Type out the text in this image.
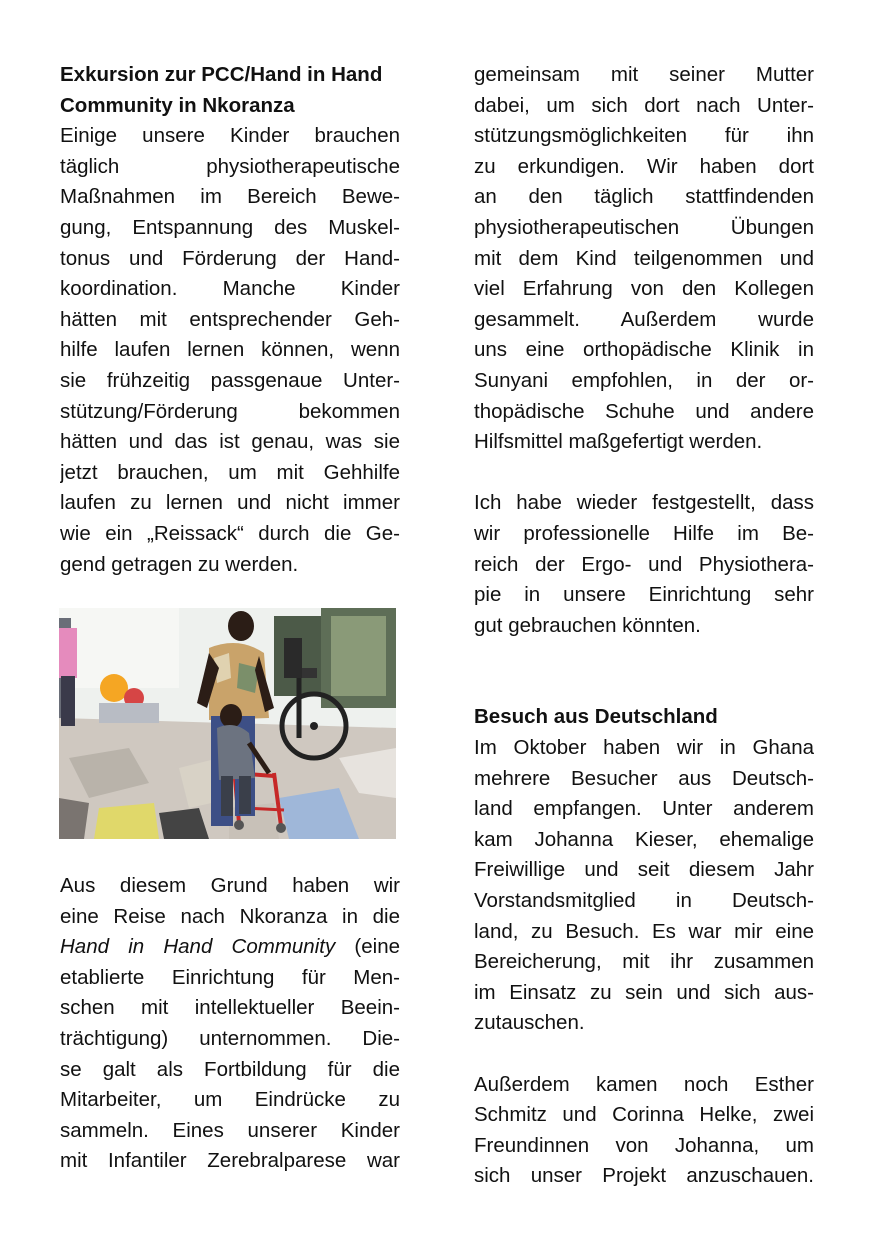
Exkursion zur PCC/Hand in Hand
Community in Nkoranza
Einige unsere Kinder brauchen
täglich physiotherapeutische
Maßnahmen im Bereich Bewe-
gung, Entspannung des Muskel-
tonus und Förderung der Hand-
koordination. Manche Kinder
hätten mit entsprechender Geh-
hilfe laufen lernen können, wenn
sie frühzeitig passgenaue Unter-
stützung/Förderung bekommen
hätten und das ist genau, was sie
jetzt brauchen, um mit Gehhilfe
laufen zu lernen und nicht immer
wie ein „Reissack“ durch die Ge-
gend getragen zu werden.
Aus diesem Grund haben wir
eine Reise nach Nkoranza in die
Hand in Hand Community (eine
etablierte Einrichtung für Men-
schen mit intellektueller Beein-
trächtigung) unternommen. Die-
se galt als Fortbildung für die
Mitarbeiter, um Eindrücke zu
sammeln. Eines unserer Kinder
mit Infantiler Zerebralparese war
gemeinsam mit seiner Mutter
dabei, um sich dort nach Unter-
stützungsmöglichkeiten für ihn
zu erkundigen. Wir haben dort
an den täglich stattfindenden
physiotherapeutischen Übungen
mit dem Kind teilgenommen und
viel Erfahrung von den Kollegen
gesammelt. Außerdem wurde
uns eine orthopädische Klinik in
Sunyani empfohlen, in der or-
thopädische Schuhe und andere
Hilfsmittel maßgefertigt werden.
Ich habe wieder festgestellt, dass
wir professionelle Hilfe im Be-
reich der Ergo- und Physiothera-
pie in unsere Einrichtung sehr
gut gebrauchen könnten.
Besuch aus Deutschland
Im Oktober haben wir in Ghana
mehrere Besucher aus Deutsch-
land empfangen. Unter anderem
kam Johanna Kieser, ehemalige
Freiwillige und seit diesem Jahr
Vorstandsmitglied in Deutsch-
land, zu Besuch. Es war mir eine
Bereicherung, mit ihr zusammen
im Einsatz zu sein und sich aus-
zutauschen.
Außerdem kamen noch Esther
Schmitz und Corinna Helke, zwei
Freundinnen von Johanna, um
sich unser Projekt anzuschauen.
